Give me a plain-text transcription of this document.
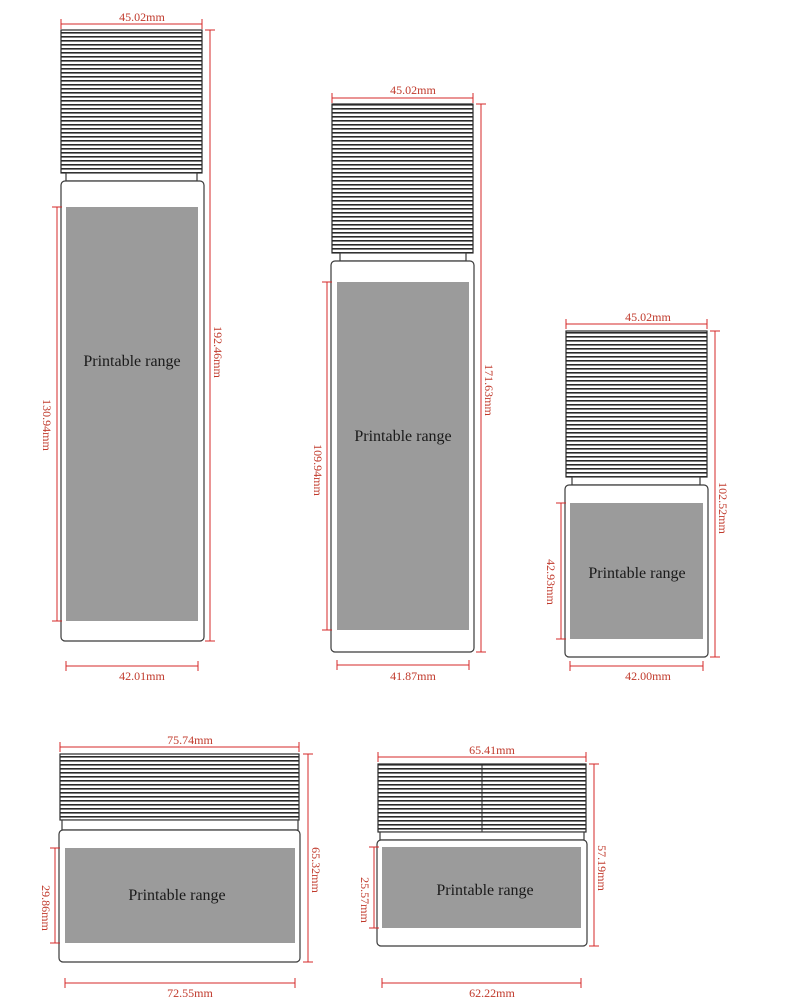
Printable range
45.02mm
192.46mm
130.94mm
42.01mm
Printable range
45.02mm
171.63mm
109.94mm
41.87mm
Printable range
45.02mm
102.52mm
42.93mm
42.00mm
Printable range
75.74mm
65.32mm
29.86mm
72.55mm
Printable range
65.41mm
57.19mm
25.57mm
62.22mm
